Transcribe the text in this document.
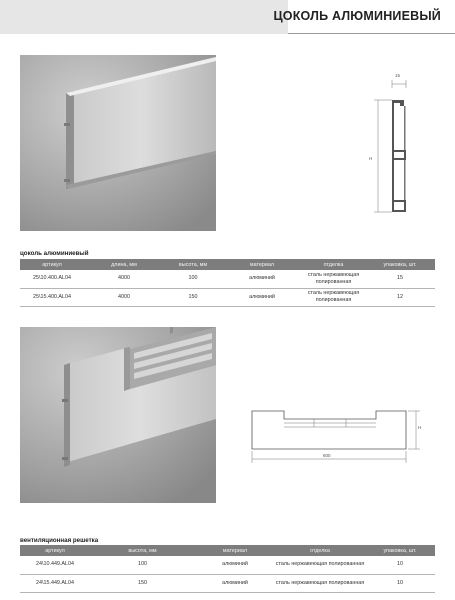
ЦОКОЛЬ АЛЮМИНИЕВЫЙ
15
H
цоколь алюминиевый
артикул	длина, мм	высота, мм	материал	отделка	упаковка, шт.
25\10.400.AL04	4000	100	алюминий	сталь нержавеющая полированная	15
25\15.400.AL04	4000	150	алюминий	сталь нержавеющая полированная	12
600
H
вентиляционная решетка
артикул	высота, мм	материал	отделка	упаковка, шт.
24\10.449.AL04	100	алюминий	сталь нержавеющая полированная	10
24\15.449.AL04	150	алюминий	сталь нержавеющая полированная	10
